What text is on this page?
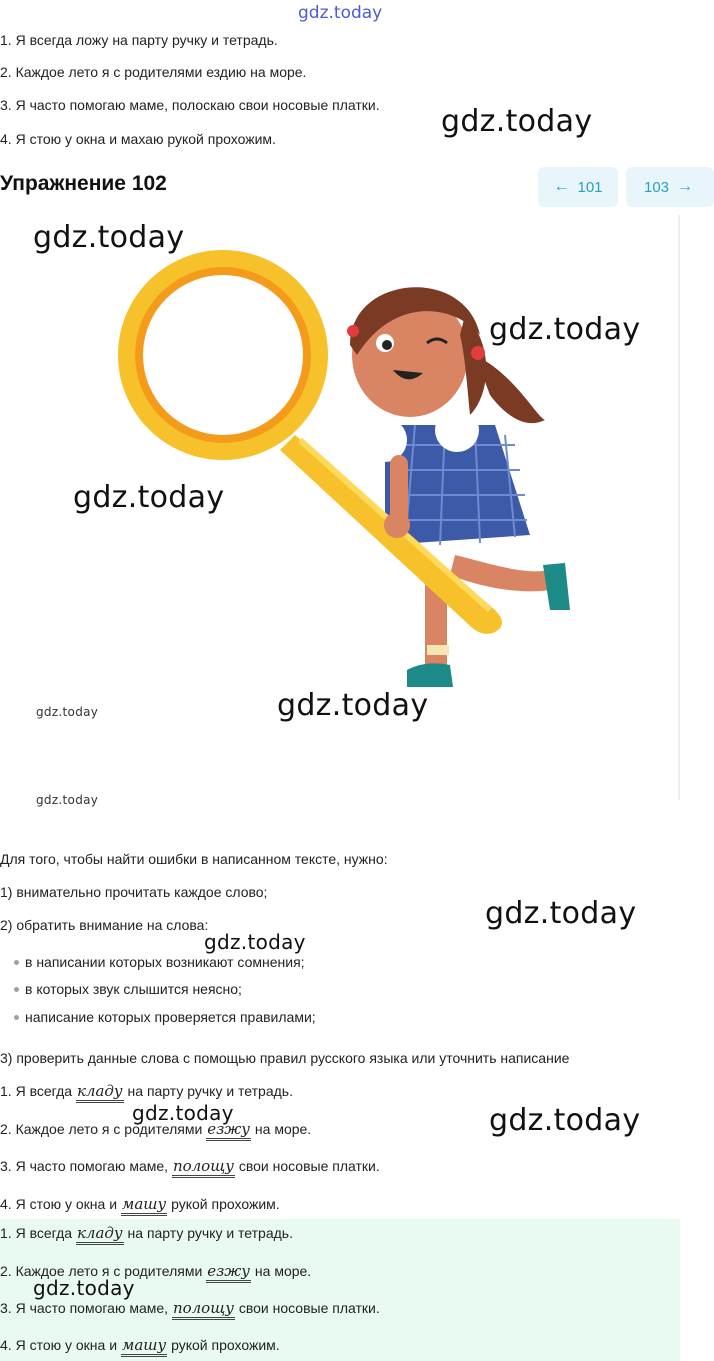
gdz.today
1. Я всегда ложу на парту ручку и тетрадь.
2. Каждое лето я с родителями ездию на море.
3. Я часто помогаю маме, полоскаю свои носовые платки.
4. Я стою у окна и махаю рукой прохожим.	gdz.today
Упражнение 102	← 101	103 →
gdz.today
gdz.today
gdz.today
gdz.today
gdz.today
gdz.today
Для того, чтобы найти ошибки в написанном тексте, нужно:
1) внимательно прочитать каждое слово;
2) обратить внимание на слова:	gdz.today
gdz.today
в написании которых возникают сомнения;
в которых звук слышится неясно;
написание которых проверяется правилами;
3) проверить данные слова с помощью правил русского языка или уточнить написание
1. Я всегда кладу на парту ручку и тетрадь.
2. Каждое лето я с родителями езжу на море.
3. Я часто помогаю маме, полощу свои носовые платки.
4. Я стою у окна и машу рукой прохожим.
gdz.today	gdz.today
1. Я всегда кладу на парту ручку и тетрадь.
2. Каждое лето я с родителями езжу на море.
3. Я часто помогаю маме, полощу свои носовые платки.
4. Я стою у окна и машу рукой прохожим.
gdz.today
